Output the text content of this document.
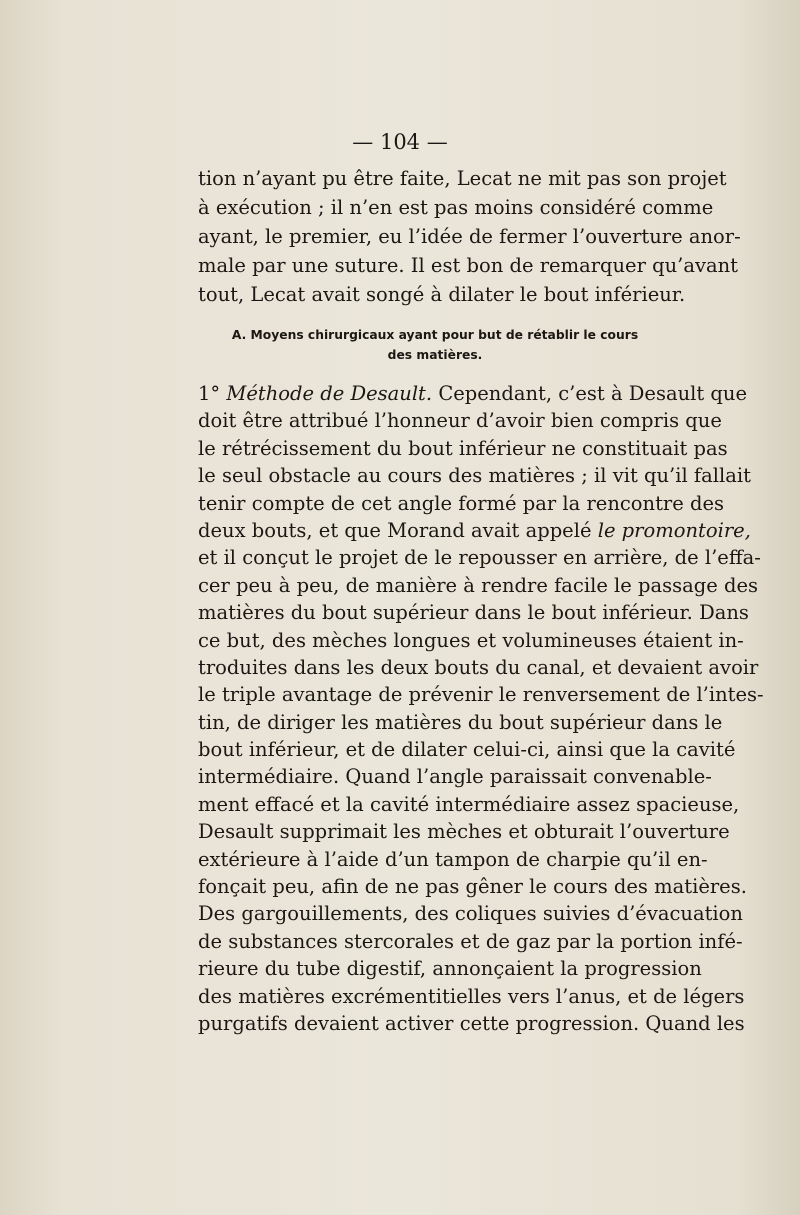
— 104 —
tion n’ayant pu être faite, Lecat ne mit pas son projet
à exécution ; il n’en est pas moins considéré comme
ayant, le premier, eu l’idée de fermer l’ouverture anor-
male par une suture. Il est bon de remarquer qu’avant
tout, Lecat avait songé à dilater le bout inférieur.
A. Moyens chirurgicaux ayant pour but de rétablir le cours
des matières.
1° Méthode de Desault. Cependant, c’est à Desault que
doit être attribué l’honneur d’avoir bien compris que
le rétrécissement du bout inférieur ne constituait pas
le seul obstacle au cours des matières ; il vit qu’il fallait
tenir compte de cet angle formé par la rencontre des
deux bouts, et que Morand avait appelé le promontoire,
et il conçut le projet de le repousser en arrière, de l’effa-
cer peu à peu, de manière à rendre facile le passage des
matières du bout supérieur dans le bout inférieur. Dans
ce but, des mèches longues et volumineuses étaient in-
troduites dans les deux bouts du canal, et devaient avoir
le triple avantage de prévenir le renversement de l’intes-
tin, de diriger les matières du bout supérieur dans le
bout inférieur, et de dilater celui-ci, ainsi que la cavité
intermédiaire. Quand l’angle paraissait convenable-
ment effacé et la cavité intermédiaire assez spacieuse,
Desault supprimait les mèches et obturait l’ouverture
extérieure à l’aide d’un tampon de charpie qu’il en-
fonçait peu, afin de ne pas gêner le cours des matières.
Des gargouillements, des coliques suivies d’évacuation
de substances stercorales et de gaz par la portion infé-
rieure du tube digestif, annonçaient la progression
des matières excrémentitielles vers l’anus, et de légers
purgatifs devaient activer cette progression. Quand les
